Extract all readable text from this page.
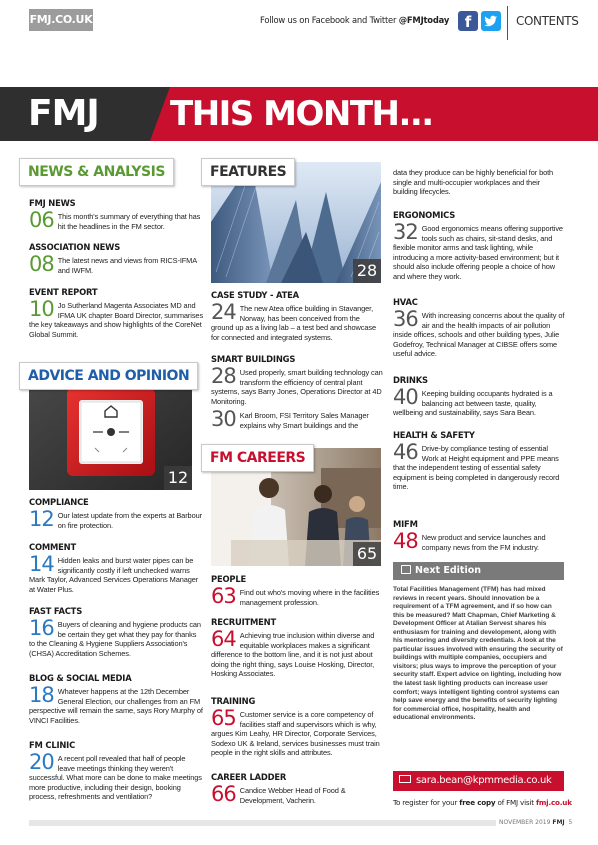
FMJ.CO.UK	Follow us on Facebook and Twitter @FMJtoday	f	CONTENTS
FMJ THIS MONTH...
NEWS & ANALYSIS
FMJ NEWS
06 This month's summary of everything that has hit the headlines in the FM sector.
ASSOCIATION NEWS
08 The latest news and views from RICS-IFMA and IWFM.
EVENT REPORT
10 Jo Sutherland Magenta Associates MD and IFMA UK chapter Board Director, summarises the key takeaways and show highlights of the CoreNet Global Summit.
12
ADVICE AND OPINION
COMPLIANCE
12 Our latest update from the experts at Barbour on fire protection.
COMMENT
14 Hidden leaks and burst water pipes can be significantly costly if left unchecked warns Mark Taylor, Advanced Services Operations Manager at Water Plus.
FAST FACTS
16 Buyers of cleaning and hygiene products can be certain they get what they pay for thanks to the Cleaning & Hygiene Suppliers Association's (CHSA) Accreditation Schemes.
BLOG & SOCIAL MEDIA
18 Whatever happens at the 12th December General Election, our challenges from an FM perspective will remain the same, says Rory Murphy of VINCI Facilities.
FM CLINIC
20 A recent poll revealed that half of people leave meetings thinking they weren't successful. What more can be done to make meetings more productive, including their design, booking process, refreshments and ventilation?
28
FEATURES
CASE STUDY - ATEA
24 The new Atea office building in Stavanger, Norway, has been conceived from the ground up as a living lab – a test bed and showcase for connected and integrated systems.
SMART BUILDINGS
28 Used properly, smart building technology can transform the efficiency of central plant systems, says Barry Jones, Operations Director at 4D Monitoring.
30 Karl Broom, FSI Territory Sales Manager explains why Smart buildings and the
65
FM CAREERS
PEOPLE
63 Find out who's moving where in the facilities management profession.
RECRUITMENT
64 Achieving true inclusion within diverse and equitable workplaces makes a significant difference to the bottom line, and it is not just about doing the right thing, says Louise Hosking, Director, Hosking Associates.
TRAINING
65 Customer service is a core competency of facilities staff and supervisors which is why, argues Kim Leahy, HR Director, Corporate Services, Sodexo UK & Ireland, services businesses must train people in the right skills and attributes.
CAREER LADDER
66 Candice Webber Head of Food & Development, Vacherin.
data they produce can be highly beneficial for both single and multi-occupier workplaces and their building lifecycles.
ERGONOMICS
32 Good ergonomics means offering supportive tools such as chairs, sit-stand desks, and flexible monitor arms and task lighting, while introducing a more activity-based environment; but it should also include offering people a choice of how and where they work.
HVAC
36 With increasing concerns about the quality of air and the health impacts of air pollution inside offices, schools and other building types, Julie Godefroy, Technical Manager at CIBSE offers some useful advice.
DRINKS
40 Keeping building occupants hydrated is a balancing act between taste, quality, wellbeing and sustainability, says Sara Bean.
HEALTH & SAFETY
46 Drive-by compliance testing of essential Work at Height equipment and PPE means that the independent testing of essential safety equipment is being completed in dangerously record time.
MIFM
48 New product and service launches and company news from the FM industry.
Next Edition
Total Facilities Management (TFM) has had mixed reviews in recent years. Should innovation be a requirement of a TFM agreement, and if so how can this be measured? Matt Chapman, Chief Marketing & Development Officer at Atalian Servest shares his enthusiasm for training and development, along with his mentoring and diversity credentials. A look at the particular issues involved with ensuring the security of buildings with multiple companies, occupiers and visitors; plus ways to improve the perception of your security staff. Expert advice on lighting, including how the latest task lighting products can increase user comfort; ways intelligent lighting control systems can help save energy and the benefits of security lighting for commercial office, hospitality, health and educational environments.
sara.bean@kpmmedia.co.uk
To register for your free copy of FMJ visit fmj.co.uk
NOVEMBER 2019 FMJ 5
